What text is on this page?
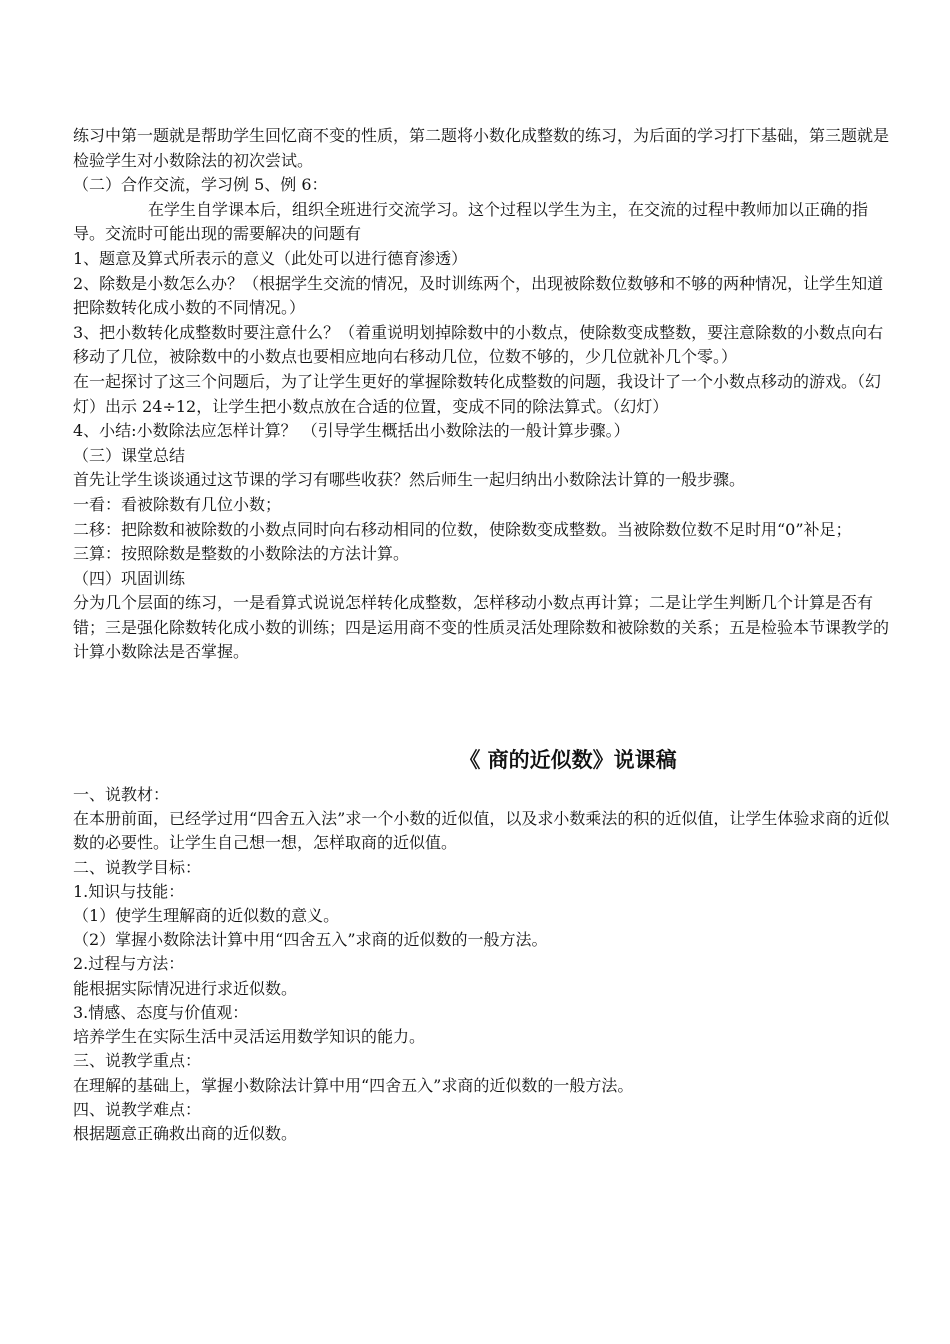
练习中第一题就是帮助学生回忆商不变的性质，第二题将小数化成整数的练习，为后面的学习打下基础，第三题就是检验学生对小数除法的初次尝试。

（二）合作交流，学习例 5、例 6：

在学生自学课本后，组织全班进行交流学习。这个过程以学生为主，在交流的过程中教师加以正确的指导。交流时可能出现的需要解决的问题有

1、题意及算式所表示的意义（此处可以进行德育渗透）

2、除数是小数怎么办？（根据学生交流的情况，及时训练两个，出现被除数位数够和不够的两种情况，让学生知道把除数转化成小数的不同情况。）

3、把小数转化成整数时要注意什么？（着重说明划掉除数中的小数点，使除数变成整数，要注意除数的小数点向右移动了几位，被除数中的小数点也要相应地向右移动几位，位数不够的，少几位就补几个零。）

在一起探讨了这三个问题后，为了让学生更好的掌握除数转化成整数的问题，我设计了一个小数点移动的游戏。（幻灯）出示 24÷12，让学生把小数点放在合适的位置，变成不同的除法算式。（幻灯）

4、小结:小数除法应怎样计算？ （引导学生概括出小数除法的一般计算步骤。）

（三）课堂总结

首先让学生谈谈通过这节课的学习有哪些收获？然后师生一起归纳出小数除法计算的一般步骤。

一看：看被除数有几位小数；

二移：把除数和被除数的小数点同时向右移动相同的位数，使除数变成整数。当被除数位数不足时用“0”补足；

三算：按照除数是整数的小数除法的方法计算。

（四）巩固训练

分为几个层面的练习，一是看算式说说怎样转化成整数，怎样移动小数点再计算；二是让学生判断几个计算是否有错；三是强化除数转化成小数的训练；四是运用商不变的性质灵活处理除数和被除数的关系；五是检验本节课教学的计算小数除法是否掌握。

《 商的近似数》说课稿

一、说教材：

在本册前面，已经学过用“四舍五入法”求一个小数的近似值，以及求小数乘法的积的近似值，让学生体验求商的近似数的必要性。让学生自己想一想，怎样取商的近似值。

二、说教学目标：

1.知识与技能：

（1）使学生理解商的近似数的意义。

（2）掌握小数除法计算中用“四舍五入”求商的近似数的一般方法。

2.过程与方法：

能根据实际情况进行求近似数。

3.情感、态度与价值观：

培养学生在实际生活中灵活运用数学知识的能力。

三、说教学重点：

在理解的基础上，掌握小数除法计算中用“四舍五入”求商的近似数的一般方法。

四、说教学难点：

根据题意正确救出商的近似数。
